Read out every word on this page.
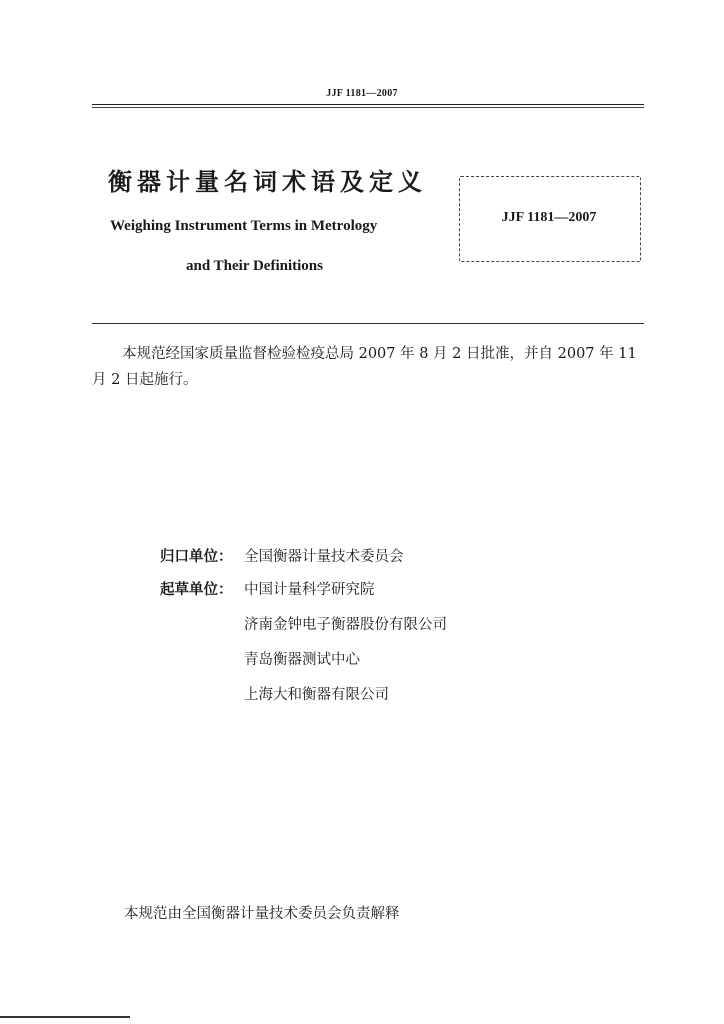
JJF 1181—2007
衡器计量名词术语及定义
Weighing Instrument Terms in Metrology
and Their Definitions
JJF 1181—2007
本规范经国家质量监督检验检疫总局 2007 年 8 月 2 日批准，并自 2007 年 11 月 2 日起施行。
归口单位： 全国衡器计量技术委员会
起草单位： 中国计量科学研究院
济南金钟电子衡器股份有限公司
青岛衡器测试中心
上海大和衡器有限公司
本规范由全国衡器计量技术委员会负责解释
